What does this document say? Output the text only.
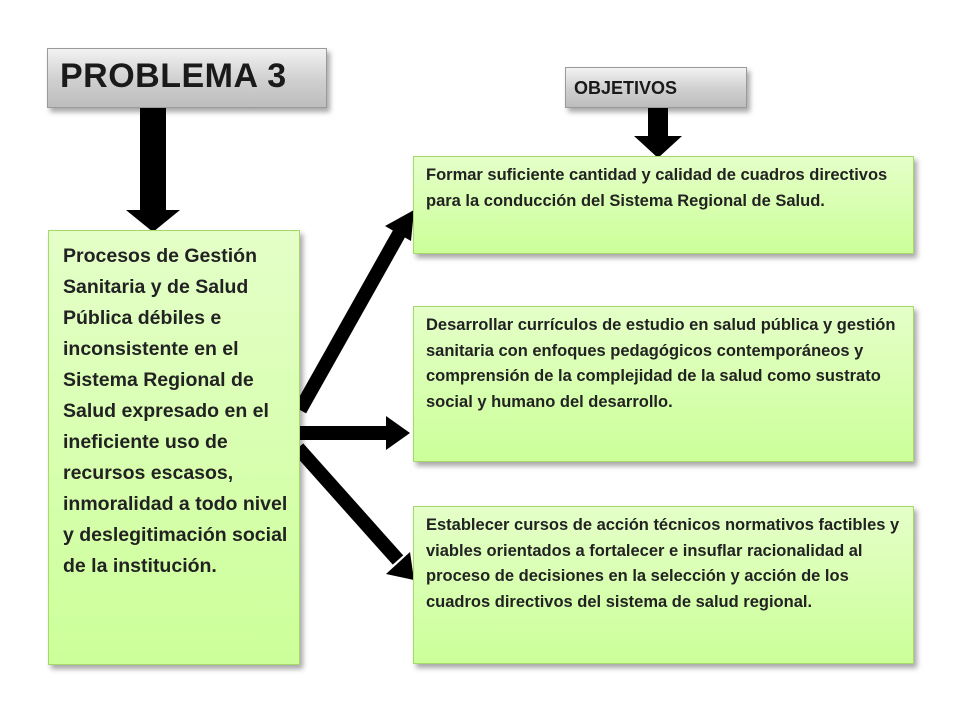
PROBLEMA 3	OBJETIVOS
Procesos de Gestión Sanitaria y de Salud Pública débiles e inconsistente en el Sistema Regional de Salud expresado en el ineficiente uso de recursos escasos, inmoralidad a todo nivel y deslegitimación social de la institución.
Formar suficiente cantidad y calidad de cuadros directivos para la conducción del Sistema Regional de Salud.
Desarrollar currículos de estudio en salud pública y gestión sanitaria con enfoques pedagógicos contemporáneos y comprensión de la complejidad de la salud como sustrato social y humano del desarrollo.
Establecer cursos de acción técnicos normativos factibles y viables orientados a fortalecer e insuflar racionalidad al proceso de decisiones en la selección y acción de los cuadros directivos del sistema de salud regional.
